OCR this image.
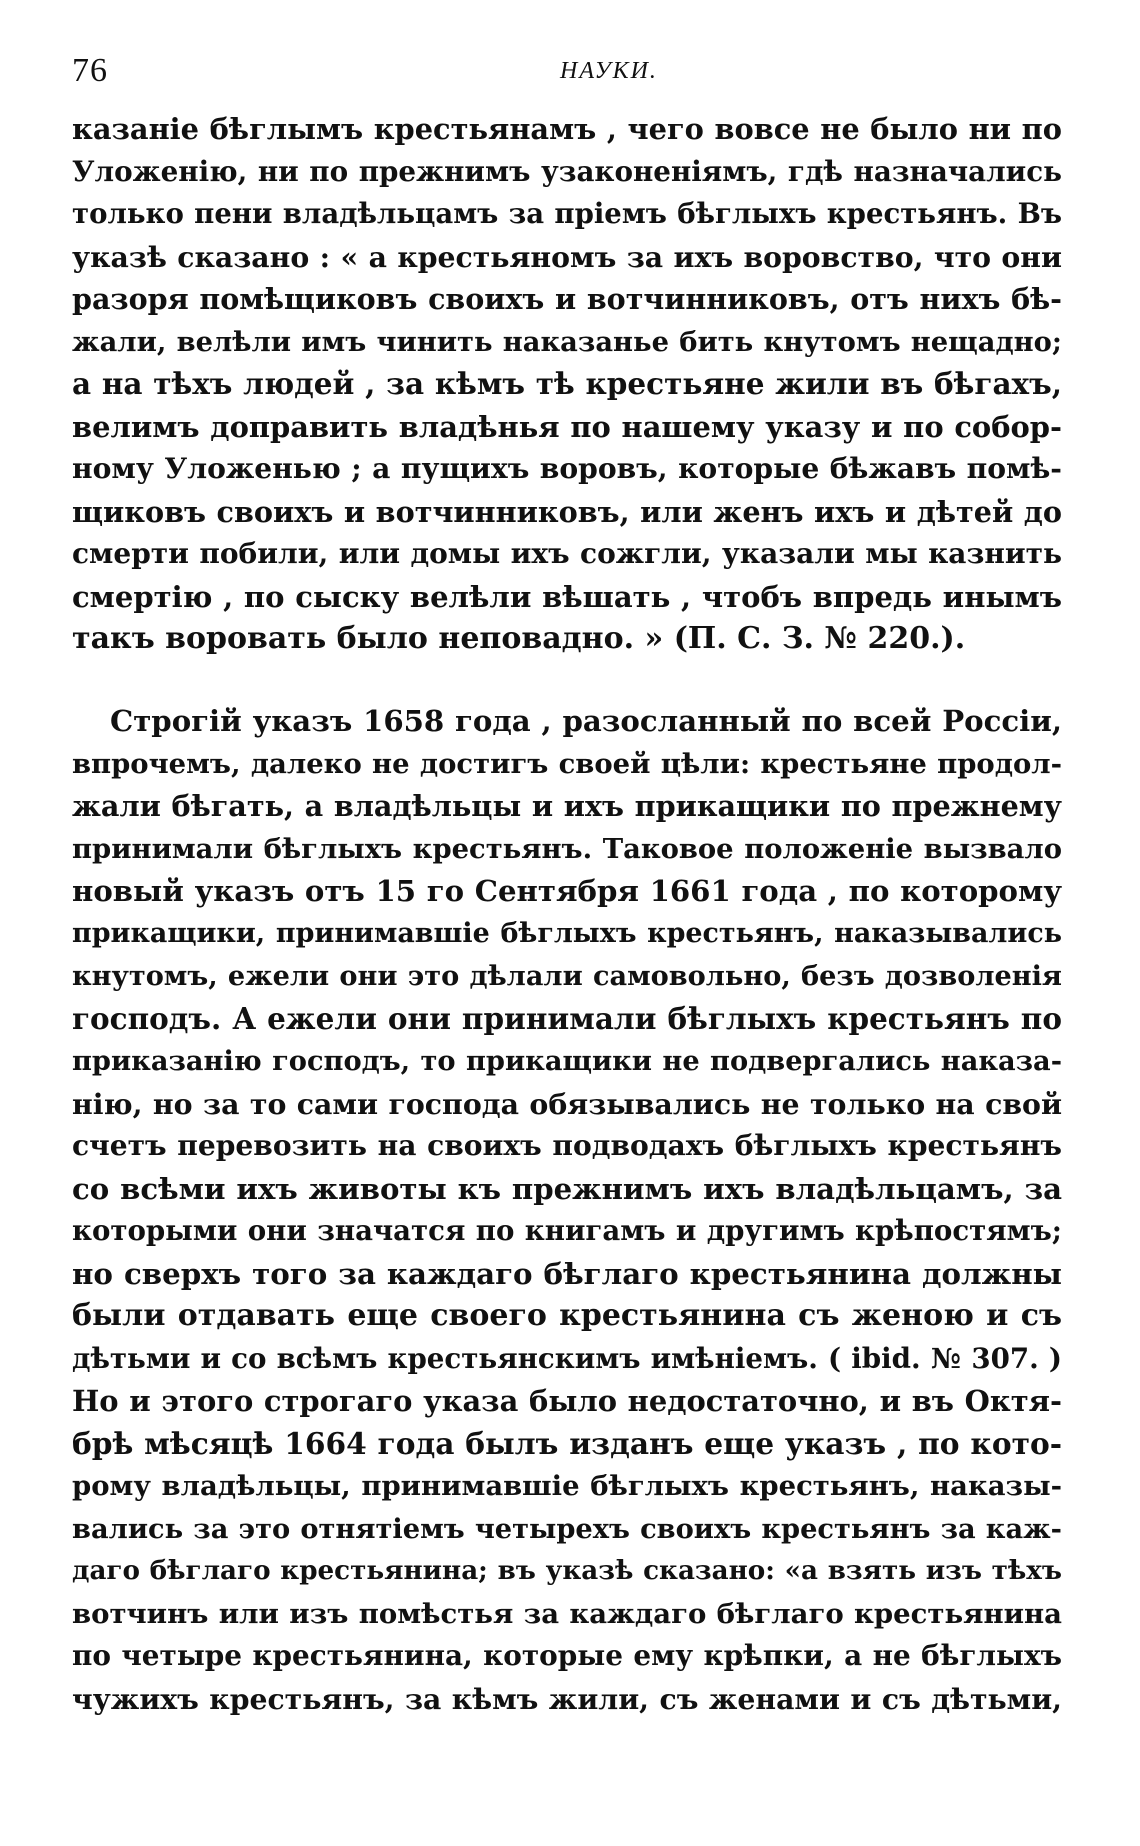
76	НАУКИ.
казаніе бѣглымъ крестьянамъ , чего вовсе не было ни по
Уложенію, ни по прежнимъ узаконеніямъ, гдѣ назначались
только пени владѣльцамъ за пріемъ бѣглыхъ крестьянъ. Въ
указѣ сказано : « а крестьяномъ за ихъ воровство, что они
разоря помѣщиковъ своихъ и вотчинниковъ, отъ нихъ бѣ-
жали, велѣли имъ чинить наказанье бить кнутомъ нещадно;
а на тѣхъ людей , за кѣмъ тѣ крестьяне жили въ бѣгахъ,
велимъ доправить владѣнья по нашему указу и по собор-
ному Уложенью ; а пущихъ воровъ, которые бѣжавъ помѣ-
щиковъ своихъ и вотчинниковъ, или женъ ихъ и дѣтей до
смерти побили, или домы ихъ сожгли, указали мы казнить
смертію , по сыску велѣли вѣшать , чтобъ впредь инымъ
такъ воровать было неповадно. » (П. С. З. № 220.).
Строгій указъ 1658 года , разосланный по всей Россіи,
впрочемъ, далеко не достигъ своей цѣли: крестьяне продол-
жали бѣгать, а владѣльцы и ихъ прикащики по прежнему
принимали бѣглыхъ крестьянъ. Таковое положеніе вызвало
новый указъ отъ 15 го Сентября 1661 года , по которому
прикащики, принимавшіе бѣглыхъ крестьянъ, наказывались
кнутомъ, ежели они это дѣлали самовольно, безъ дозволенія
господъ. А ежели они принимали бѣглыхъ крестьянъ по
приказанію господъ, то прикащики не подвергались наказа-
нію, но за то сами господа обязывались не только на свой
счетъ перевозить на своихъ подводахъ бѣглыхъ крестьянъ
со всѣми ихъ животы къ прежнимъ ихъ владѣльцамъ, за
которыми они значатся по книгамъ и другимъ крѣпостямъ;
но сверхъ того за каждаго бѣглаго крестьянина должны
были отдавать еще своего крестьянина съ женою и съ
дѣтьми и со всѣмъ крестьянскимъ имѣніемъ. ( ibid. № 307. )
Но и этого строгаго указа было недостаточно, и въ Октя-
брѣ мѣсяцѣ 1664 года былъ изданъ еще указъ , по кото-
рому владѣльцы, принимавшіе бѣглыхъ крестьянъ, наказы-
вались за это отнятіемъ четырехъ своихъ крестьянъ за каж-
даго бѣглаго крестьянина; въ указѣ сказано: «а взять изъ тѣхъ
вотчинъ или изъ помѣстья за каждаго бѣглаго крестьянина
по четыре крестьянина, которые ему крѣпки, а не бѣглыхъ
чужихъ крестьянъ, за кѣмъ жили, съ женами и съ дѣтьми,
